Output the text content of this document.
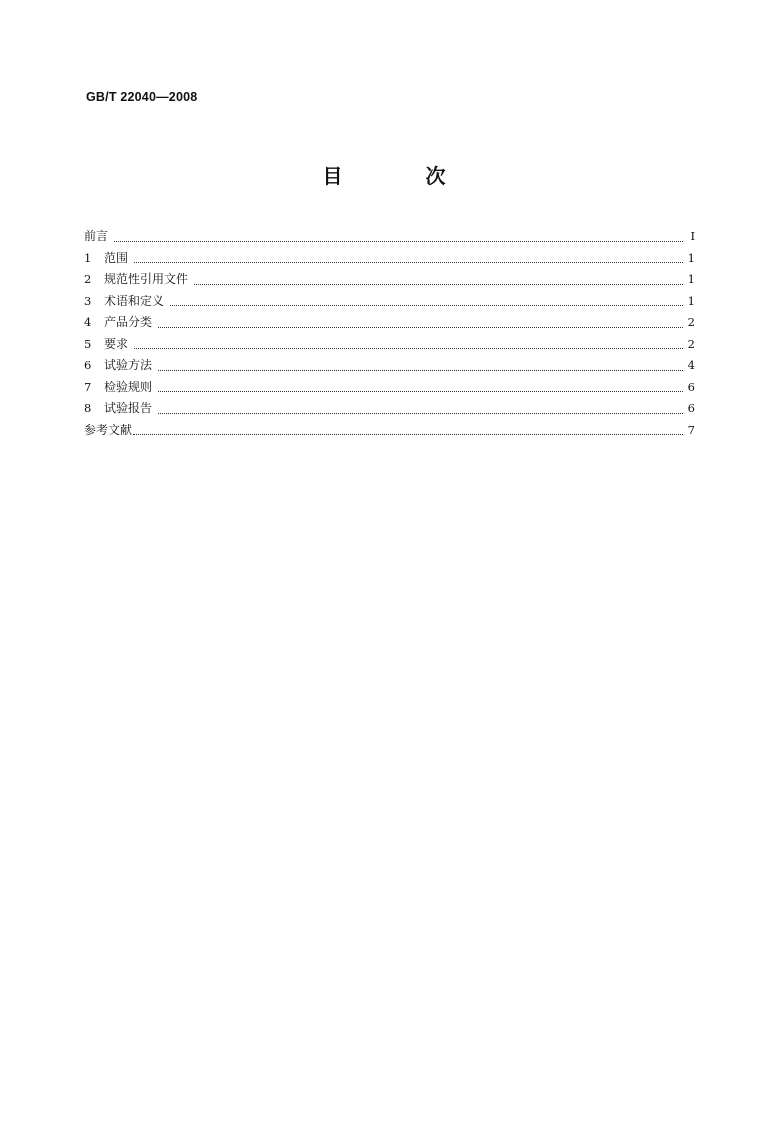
GB/T 22040—2008
目 次
前言	Ⅰ
1	范围	1
2	规范性引用文件	1
3	术语和定义	1
4	产品分类	2
5	要求	2
6	试验方法	4
7	检验规则	6
8	试验报告	6
参考文献	7
